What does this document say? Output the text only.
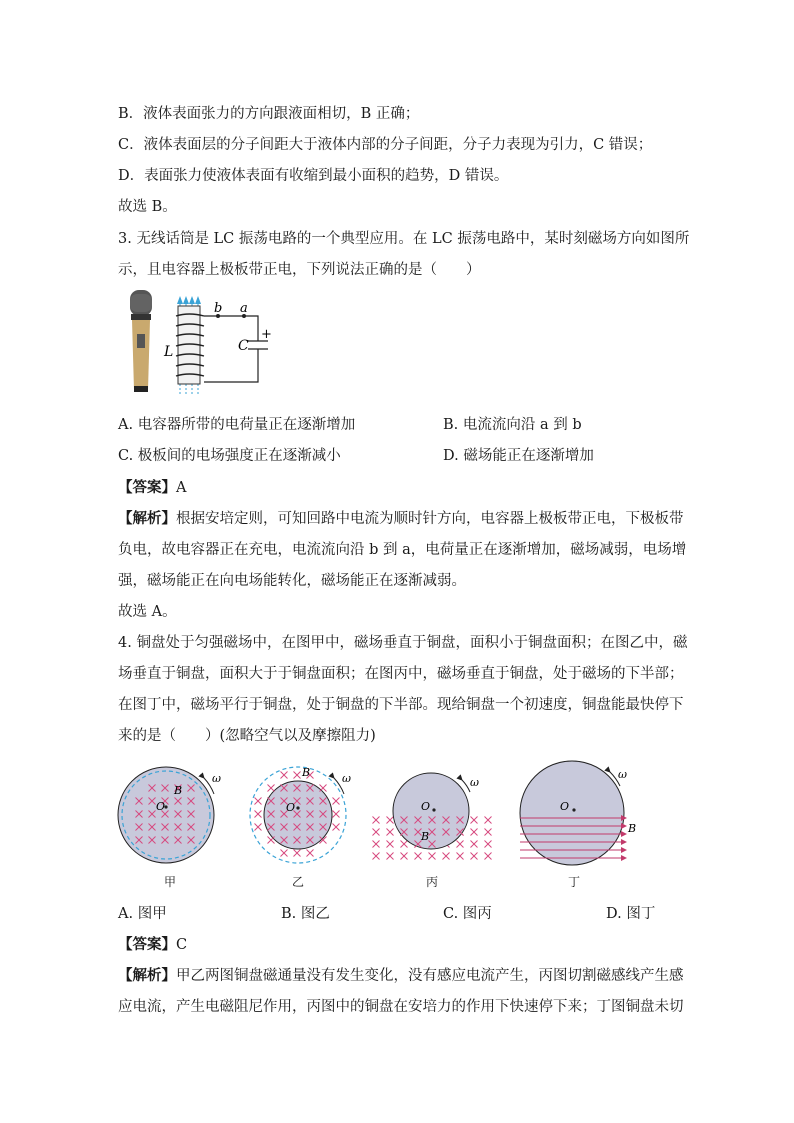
B．液体表面张力的方向跟液面相切，B 正确；
C．液体表面层的分子间距大于液体内部的分子间距，分子力表现为引力，C 错误；
D．表面张力使液体表面有收缩到最小面积的趋势，D 错误。
故选 B。
3. 无线话筒是 LC 振荡电路的一个典型应用。在 LC 振荡电路中，某时刻磁场方向如图所
示，且电容器上极板带正电，下列说法正确的是（　　）
b a
L	C
+
A. 电容器所带的电荷量正在逐渐增加	B. 电流流向沿 a 到 b
C. 极板间的电场强度正在逐渐减小	D. 磁场能正在逐渐增加
【答案】A
【解析】根据安培定则，可知回路中电流为顺时针方向，电容器上极板带正电，下极板带
负电，故电容器正在充电，电流流向沿 b 到 a，电荷量正在逐渐增加，磁场减弱，电场增
强，磁场能正在向电场能转化，磁场能正在逐渐减弱。
故选 A。
4. 铜盘处于匀强磁场中，在图甲中，磁场垂直于铜盘，面积小于铜盘面积；在图乙中，磁
场垂直于铜盘，面积大于于铜盘面积；在图丙中，磁场垂直于铜盘，处于磁场的下半部；
在图丁中，磁场平行于铜盘，处于铜盘的下半部。现给铜盘一个初速度，铜盘能最快停下
来的是（　　）(忽略空气以及摩擦阻力)
O
B
ω
O
B	ω
O
B
ω
O
B
ω
甲	乙	丙	丁
A. 图甲	B. 图乙	C. 图丙	D. 图丁
【答案】C
【解析】甲乙两图铜盘磁通量没有发生变化，没有感应电流产生，丙图切割磁感线产生感
应电流，产生电磁阻尼作用，丙图中的铜盘在安培力的作用下快速停下来；丁图铜盘未切
